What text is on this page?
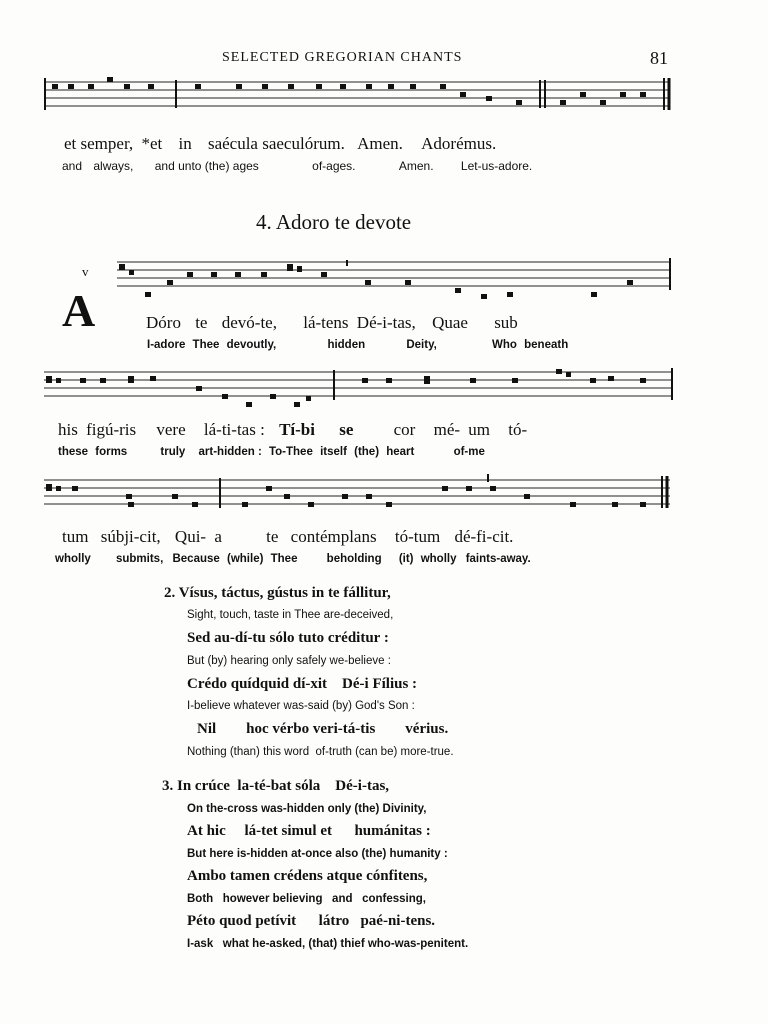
SELECTED GREGORIAN CHANTS	81
et semper, *et in saécula saeculórum. Amen. Adorémus.
and always, and unto (the) ages	of-ages.	Amen. Let-us-adore.
4. Adoro te devote
v
A	Dóro te devó-te, lá-tens Dé-i-tas, Quae sub
I-adore Thee devoutly,	hidden	Deity,	Who beneath
his figú-ris vere lá-ti-tas : Tí-bi se cor mé- um tó-
these forms	truly art-hidden : To-Thee itself (the) heart	of-me
tum súbji-cit, Qui- a	te contémplans tó-tum dé-fi-cit.
wholly submits, Because (while) Thee	beholding (it) wholly faints-away.
2. Vísus, táctus, gústus in te fállitur,
Sight, touch, taste in Thee are-deceived,
Sed au-dí-tu sólo tuto créditur :
But (by) hearing only safely we-believe :
Crédo quídquid dí-xit    Dé-i Fílius :
I-believe whatever was-said (by) God's Son :
Nil        hoc vérbo veri-tá-tis        vérius.
Nothing (than) this word  of-truth (can be) more-true.
3. In crúce  la-té-bat sóla    Dé-i-tas,
On the-cross was-hidden only (the) Divinity,
At hic     lá-tet simul et      humánitas :
But here is-hidden at-once also (the) humanity :
Ambo tamen crédens atque cónfitens,
Both   however believing   and   confessing,
Péto quod petívit      látro   paé-ni-tens.
I-ask   what he-asked, (that) thief who-was-penitent.
